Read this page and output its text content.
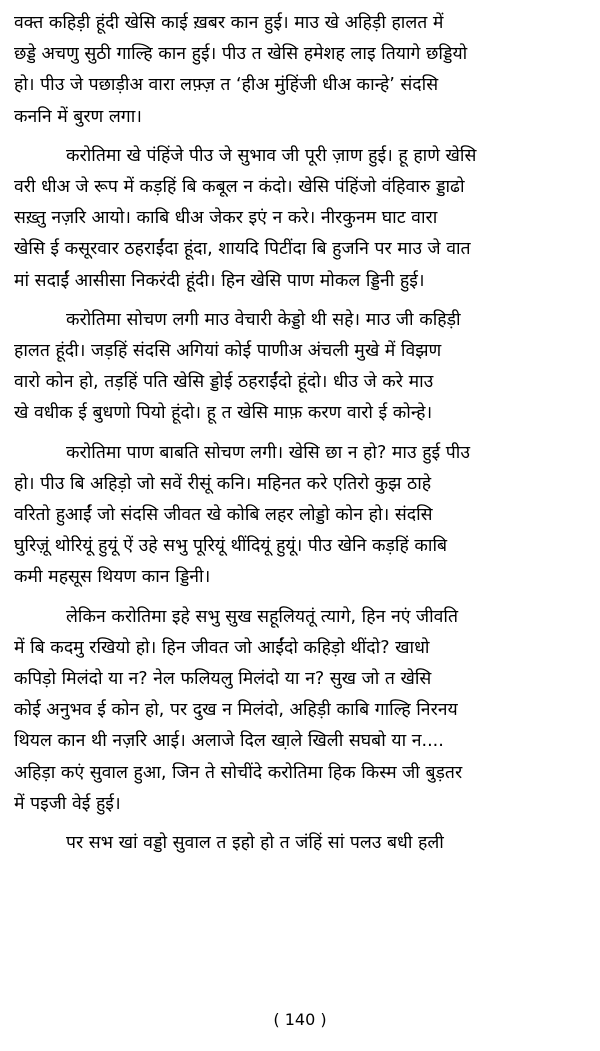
वक्त कहिड़ी हूंदी खेसि काई ख़बर कान हुई। माउ खे अहिड़ी हालत में
छड्डे अचणु सुठी गाल्हि कान हुई। पीउ त खेसि हमेशह लाइ तियागे छड्डियो
हो। पीउ जे पछाड़ीअ वारा लफ़्ज़ त ‘हीअ मुंहिंजी धीअ कान्हे’ संदसि
कननि में बुरण लगा।
करोतिमा खे पंहिंजे पीउ जे सुभाव जी पूरी ज़ाण हुई। हू हाणे खेसि
वरी धीअ जे रूप में कड़हिं बि कबूल न कंदो। खेसि पंहिंजो वंहिवारु ड्डाढो
सख़्तु नज़रि आयो। काबि धीअ जेकर इएं न करे। नीरकुनम घाट वारा
खेसि ई कसूरवार ठहराईंदा हूंदा, शायदि पिटींदा बि हुजनि पर माउ जे वात
मां सदाईं आसीसा निकरंदी हूंदी। हिन खेसि पाण मोकल ड्डिनी हुई।
करोतिमा सोचण लगी माउ वेचारी केड्डो थी सहे। माउ जी कहिड़ी
हालत हूंदी। जड़हिं संदसि अगियां कोई पाणीअ अंचली मुखे में विझण
वारो कोन हो, तड़हिं पति खेसि ड्डोई ठहराईंदो हूंदो। धीउ जे करे माउ
खे वधीक ई बुधणो पियो हूंदो। हू त खेसि माफ़ करण वारो ई कोन्हे।
करोतिमा पाण बाबति सोचण लगी। खेसि छा न हो? माउ हुई पीउ
हो। पीउ बि अहिड़ो जो सवें रीसूं कनि। महिनत करे एतिरो कुझ ठाहे
वरितो हुआईं जो संदसि जीवत खे कोबि लहर लोड्डो कोन हो। संदसि
घुरिज़ूं थोरियूं हुयूं ऐं उहे सभु पूरियूं थींदियूं हुयूं। पीउ खेनि कड़हिं काबि
कमी महसूस थियण कान ड्डिनी।
लेकिन करोतिमा इहे सभु सुख सहूलियतूं त्यागे, हिन नएं जीवति
में बि कदमु रखियो हो। हिन जीवत जो आईंदो कहिड़ो थींदो? खाधो
कपिड़ो मिलंदो या न? नेल फलियलु मिलंदो या न? सुख जो त खेसि
कोई अनुभव ई कोन हो, पर दुख न मिलंदो, अहिड़ी काबि गाल्हि निरनय
थियल कान थी नज़रि आई। अलाजे दिल खा़ले खिली सघबो या न....
अहिड़ा कएं सुवाल हुआ, जिन ते सोचींदे करोतिमा हिक किस्म जी बुड़तर
में पइजी वेई हुई।
पर सभ खां वड्डो सुवाल त इहो हो त जंहिं सां पलउ बधी हली
( 140 )
